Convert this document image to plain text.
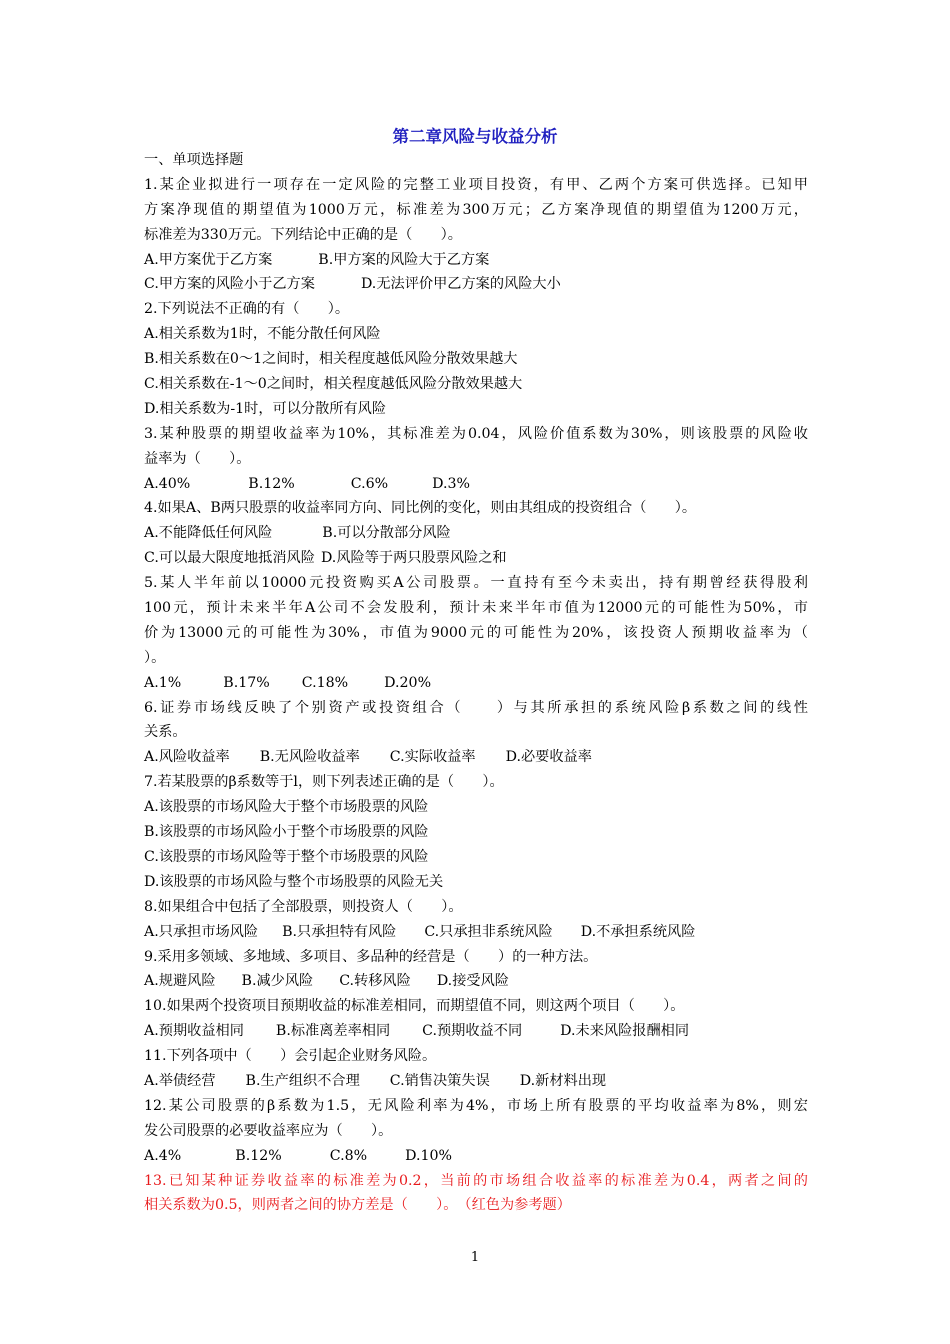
第二章风险与收益分析
一、单项选择题
1.某企业拟进行一项存在一定风险的完整工业项目投资，有甲、乙两个方案可供选择。已知甲
方案净现值的期望值为1000万元，标准差为300万元；乙方案净现值的期望值为1200万元，
标准差为330万元。下列结论中正确的是（　　）。
A.甲方案优于乙方案	B.甲方案的风险大于乙方案
C.甲方案的风险小于乙方案	D.无法评价甲乙方案的风险大小
2.下列说法不正确的有（　　）。
A.相关系数为1时，不能分散任何风险
B.相关系数在0～1之间时，相关程度越低风险分散效果越大
C.相关系数在-1～0之间时，相关程度越低风险分散效果越大
D.相关系数为-1时，可以分散所有风险
3.某种股票的期望收益率为10%，其标准差为0.04，风险价值系数为30%，则该股票的风险收
益率为（　　）。
A.40%	B.12%	C.6%	D.3%
4.如果A、B两只股票的收益率同方向、同比例的变化，则由其组成的投资组合（　　）。
A.不能降低任何风险	B.可以分散部分风险
C.可以最大限度地抵消风险 D.风险等于两只股票风险之和
5.某人半年前以10000元投资购买A公司股票。一直持有至今未卖出，持有期曾经获得股利
100元，预计未来半年A公司不会发股利，预计未来半年市值为12000元的可能性为50%，市
价为13000元的可能性为30%，市值为9000元的可能性为20%，该投资人预期收益率为（
）。
A.1%	B.17% C.18%	D.20%
6.证券市场线反映了个别资产或投资组合（　　）与其所承担的系统风险β系数之间的线性
关系。
A.风险收益率 B.无风险收益率 C.实际收益率 D.必要收益率
7.若某股票的β系数等于l，则下列表述正确的是（　　）。
A.该股票的市场风险大于整个市场股票的风险
B.该股票的市场风险小于整个市场股票的风险
C.该股票的市场风险等于整个市场股票的风险
D.该股票的市场风险与整个市场股票的风险无关
8.如果组合中包括了全部股票，则投资人（　　）。
A.只承担市场风险 B.只承担特有风险 C.只承担非系统风险 D.不承担系统风险
9.采用多领域、多地域、多项目、多品种的经营是（　　）的一种方法。
A.规避风险 B.减少风险 C.转移风险 D.接受风险
10.如果两个投资项目预期收益的标准差相同，而期望值不同，则这两个项目（　　）。
A.预期收益相同 B.标准离差率相同 C.预期收益不同	D.未来风险报酬相同
11.下列各项中（　　）会引起企业财务风险。
A.举债经营 B.生产组织不合理 C.销售决策失误 D.新材料出现
12.某公司股票的β系数为1.5，无风险利率为4%，市场上所有股票的平均收益率为8%，则宏
发公司股票的必要收益率应为（　　）。
A.4%	B.12%	C.8%	D.10%
13.已知某种证券收益率的标准差为0.2，当前的市场组合收益率的标准差为0.4，两者之间的
相关系数为0.5，则两者之间的协方差是（　　）。　（红色为参考题）
1
